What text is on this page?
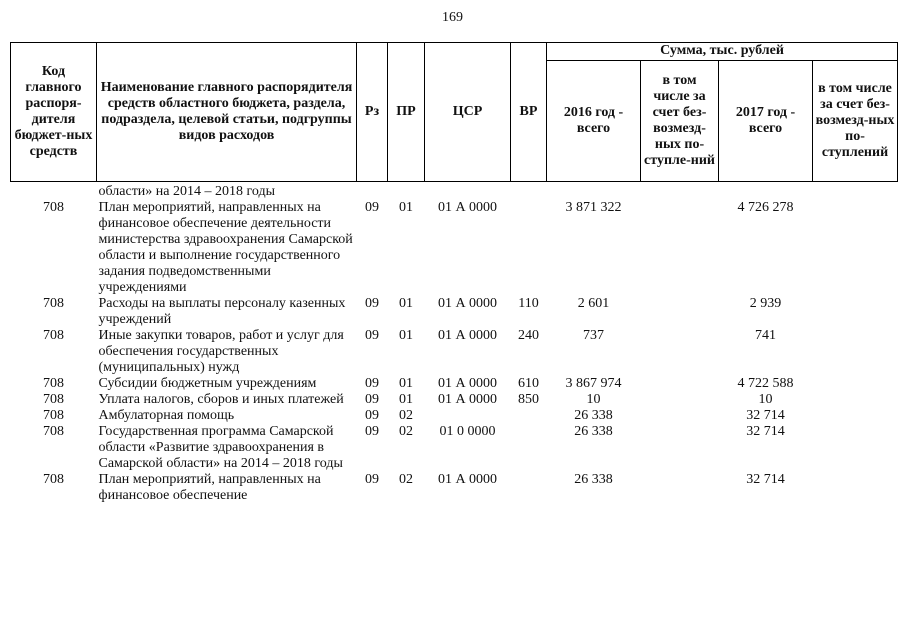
169
Код главного распоря-дителя бюджет-ных средств	Наименование главного распорядителя средств областного бюджета, раздела, подраздела, целевой статьи, подгруппы видов расходов	Рз	ПР	ЦСР	ВР	Сумма, тыс. рублей			
						2016 год - всего	в том числе за счет без-возмезд-ных по-ступле-ний	2017 год - всего	в том числе за счет без-возмезд-ных по-ступлений
	области» на 2014 – 2018 годы								
708	План мероприятий, направленных на финансовое обеспечение деятельности министерства здравоохранения Самарской области и выполнение государственного задания подведомственными учреждениями	09	01	01 А 0000		3 871 322		4 726 278	
708	Расходы на выплаты персоналу казенных учреждений	09	01	01 А 0000	110	2 601		2 939	
708	Иные закупки товаров, работ и услуг для обеспечения государственных (муниципальных) нужд	09	01	01 А 0000	240	737		741	
708	Субсидии бюджетным учреждениям	09	01	01 А 0000	610	3 867 974		4 722 588	
708	Уплата налогов, сборов и иных платежей	09	01	01 А 0000	850	10		10	
708	Амбулаторная помощь	09	02			26 338		32 714	
708	Государственная программа Самарской области «Развитие здравоохранения в Самарской области» на 2014 – 2018 годы	09	02	01 0 0000		26 338		32 714	
708	План мероприятий, направленных на финансовое обеспечение	09	02	01 А 0000		26 338		32 714	
